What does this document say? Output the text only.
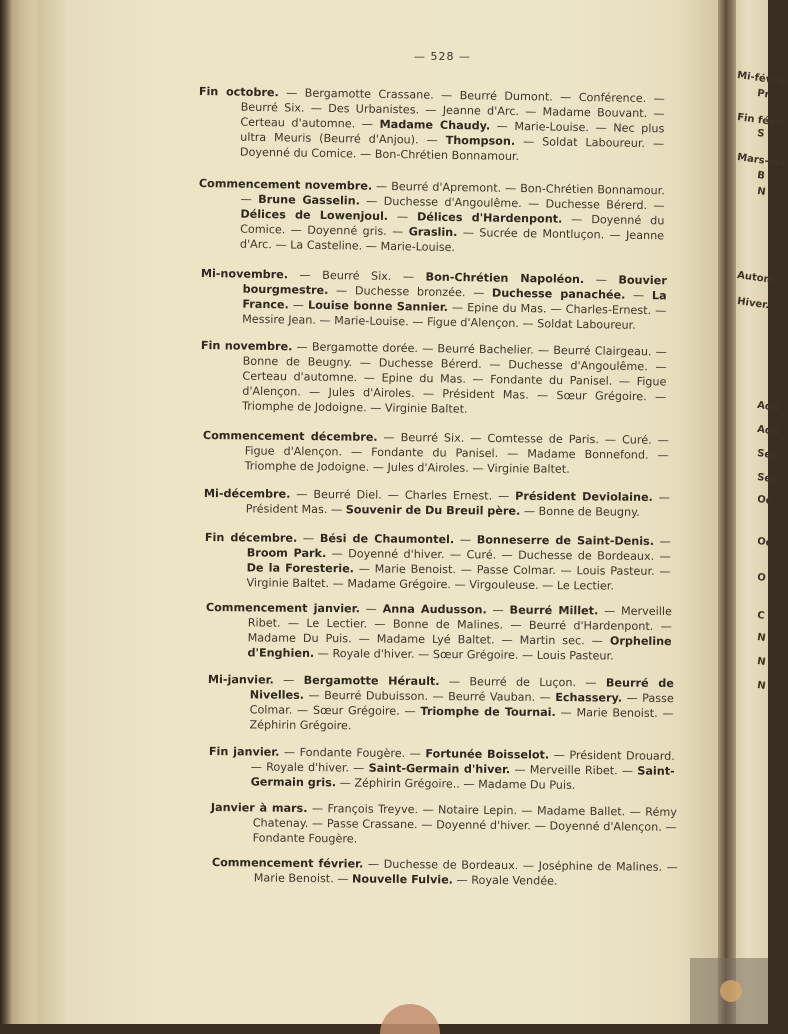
Mi-févrie
Pr
Fin févri
S
Mars-ma
B
N
Autom
Hiver.
Aoû
Aoû
Sep
Sep
Oc
Oc
O
C
N
N
N
— 528 —
Fin octobre. — Bergamotte Crassane. — Beurré Dumont. — Conférence. — Beurré Six. — Des Urbanistes. — Jeanne d'Arc. — Madame Bouvant. — Certeau d'automne. — Madame Chaudy. — Marie-Louise. — Nec plus ultra Meuris (Beurré d'Anjou). — Thompson. — Soldat Laboureur. — Doyenné du Comice. — Bon-Chrétien Bonnamour.
Commencement novembre. — Beurré d'Apremont. — Bon-Chrétien Bonnamour. — Brune Gasselin. — Duchesse d'Angoulême. — Duchesse Bérerd. — Délices de Lowenjoul. — Délices d'Hardenpont. — Doyenné du Comice. — Doyenné gris. — Graslin. — Sucrée de Montluçon. — Jeanne d'Arc. — La Casteline. — Marie-Louise.
Mi-novembre. — Beurré Six. — Bon-Chrétien Napoléon. — Bouvier bourgmestre. — Duchesse bronzée. — Duchesse panachée. — La France. — Louise bonne Sannier. — Epine du Mas. — Charles-Ernest. — Messire Jean. — Marie-Louise. — Figue d'Alençon. — Soldat Laboureur.
Fin novembre. — Bergamotte dorée. — Beurré Bachelier. — Beurré Clairgeau. — Bonne de Beugny. — Duchesse Bérerd. — Duchesse d'Angoulême. — Certeau d'automne. — Epine du Mas. — Fondante du Panisel. — Figue d'Alençon. — Jules d'Airoles. — Président Mas. — Sœur Grégoire. — Triomphe de Jodoigne. — Virginie Baltet.
Commencement décembre. — Beurré Six. — Comtesse de Paris. — Curé. — Figue d'Alençon. — Fondante du Panisel. — Madame Bonnefond. — Triomphe de Jodoigne. — Jules d'Airoles. — Virginie Baltet.
Mi-décembre. — Beurré Diel. — Charles Ernest. — Président Deviolaine. — Président Mas. — Souvenir de Du Breuil père. — Bonne de Beugny.
Fin décembre. — Bési de Chaumontel. — Bonneserre de Saint-Denis. — Broom Park. — Doyenné d'hiver. — Curé. — Duchesse de Bordeaux. — De la Foresterie. — Marie Benoist. — Passe Colmar. — Louis Pasteur. — Virginie Baltet. — Madame Grégoire. — Virgouleuse. — Le Lectier.
Commencement janvier. — Anna Audusson. — Beurré Millet. — Merveille Ribet. — Le Lectier. — Bonne de Malines. — Beurré d'Hardenpont. — Madame Du Puis. — Madame Lyé Baltet. — Martin sec. — Orpheline d'Enghien. — Royale d'hiver. — Sœur Grégoire. — Louis Pasteur.
Mi-janvier. — Bergamotte Hérault. — Beurré de Luçon. — Beurré de Nivelles. — Beurré Dubuisson. — Beurré Vauban. — Echassery. — Passe Colmar. — Sœur Grégoire. — Triomphe de Tournai. — Marie Benoist. — Zéphirin Grégoire.
Fin janvier. — Fondante Fougère. — Fortunée Boisselot. — Président Drouard. — Royale d'hiver. — Saint-Germain d'hiver. — Merveille Ribet. — Saint-Germain gris. — Zéphirin Grégoire.. — Madame Du Puis.
Janvier à mars. — François Treyve. — Notaire Lepin. — Madame Ballet. — Rémy Chatenay. — Passe Crassane. — Doyenné d'hiver. — Doyenné d'Alençon. — Fondante Fougère.
Commencement février. — Duchesse de Bordeaux. — Joséphine de Malines. — Marie Benoist. — Nouvelle Fulvie. — Royale Vendée.
